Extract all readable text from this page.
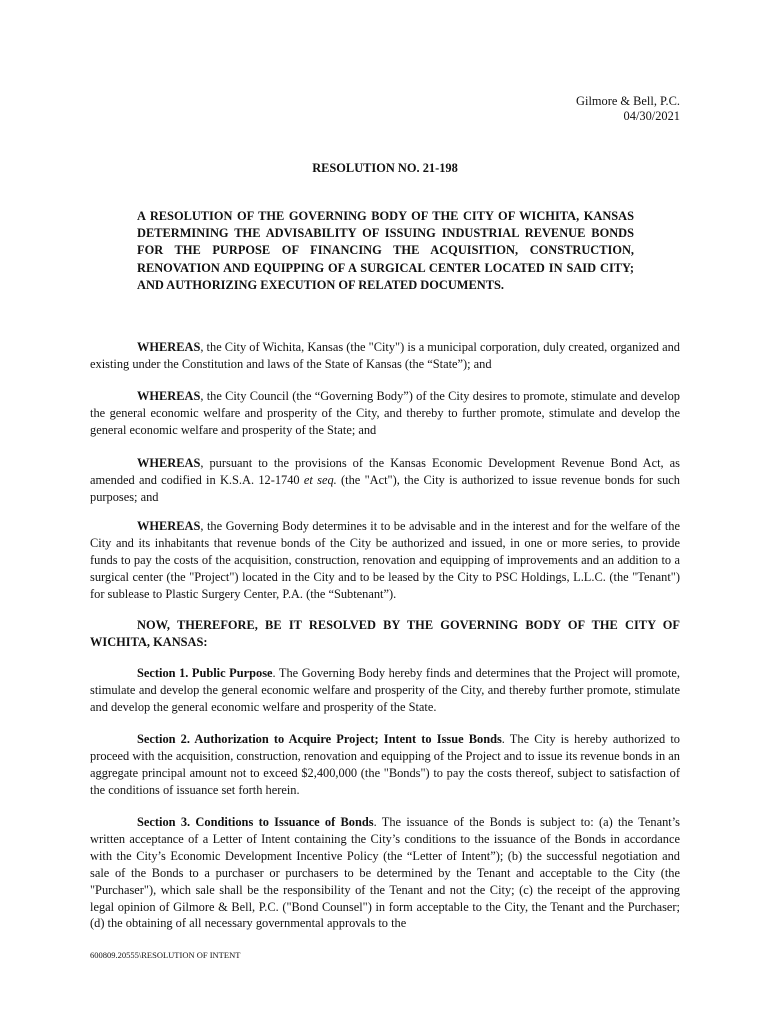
Gilmore & Bell, P.C.
04/30/2021
RESOLUTION NO. 21-198
A RESOLUTION OF THE GOVERNING BODY OF THE CITY OF WICHITA, KANSAS DETERMINING THE ADVISABILITY OF ISSUING INDUSTRIAL REVENUE BONDS FOR THE PURPOSE OF FINANCING THE ACQUISITION, CONSTRUCTION, RENOVATION AND EQUIPPING OF A SURGICAL CENTER LOCATED IN SAID CITY; AND AUTHORIZING EXECUTION OF RELATED DOCUMENTS.

WHEREAS, the City of Wichita, Kansas (the "City") is a municipal corporation, duly created, organized and existing under the Constitution and laws of the State of Kansas (the “State”); and

WHEREAS, the City Council (the “Governing Body”) of the City desires to promote, stimulate and develop the general economic welfare and prosperity of the City, and thereby to further promote, stimulate and develop the general economic welfare and prosperity of the State; and

WHEREAS, pursuant to the provisions of the Kansas Economic Development Revenue Bond Act, as amended and codified in K.S.A. 12-1740 et seq. (the "Act"), the City is authorized to issue revenue bonds for such purposes; and

WHEREAS, the Governing Body determines it to be advisable and in the interest and for the welfare of the City and its inhabitants that revenue bonds of the City be authorized and issued, in one or more series, to provide funds to pay the costs of the acquisition, construction, renovation and equipping of improvements and an addition to a surgical center (the "Project") located in the City and to be leased by the City to PSC Holdings, L.L.C. (the "Tenant") for sublease to Plastic Surgery Center, P.A. (the “Subtenant”).

NOW, THEREFORE, BE IT RESOLVED BY THE GOVERNING BODY OF THE CITY OF WICHITA, KANSAS:

Section 1. Public Purpose. The Governing Body hereby finds and determines that the Project will promote, stimulate and develop the general economic welfare and prosperity of the City, and thereby further promote, stimulate and develop the general economic welfare and prosperity of the State.

Section 2. Authorization to Acquire Project; Intent to Issue Bonds. The City is hereby authorized to proceed with the acquisition, construction, renovation and equipping of the Project and to issue its revenue bonds in an aggregate principal amount not to exceed $2,400,000 (the "Bonds") to pay the costs thereof, subject to satisfaction of the conditions of issuance set forth herein.

Section 3. Conditions to Issuance of Bonds. The issuance of the Bonds is subject to: (a) the Tenant’s written acceptance of a Letter of Intent containing the City’s conditions to the issuance of the Bonds in accordance with the City’s Economic Development Incentive Policy (the “Letter of Intent”); (b) the successful negotiation and sale of the Bonds to a purchaser or purchasers to be determined by the Tenant and acceptable to the City (the "Purchaser"), which sale shall be the responsibility of the Tenant and not the City; (c) the receipt of the approving legal opinion of Gilmore & Bell, P.C. ("Bond Counsel") in form acceptable to the City, the Tenant and the Purchaser; (d) the obtaining of all necessary governmental approvals to the

600809.20555\RESOLUTION OF INTENT
